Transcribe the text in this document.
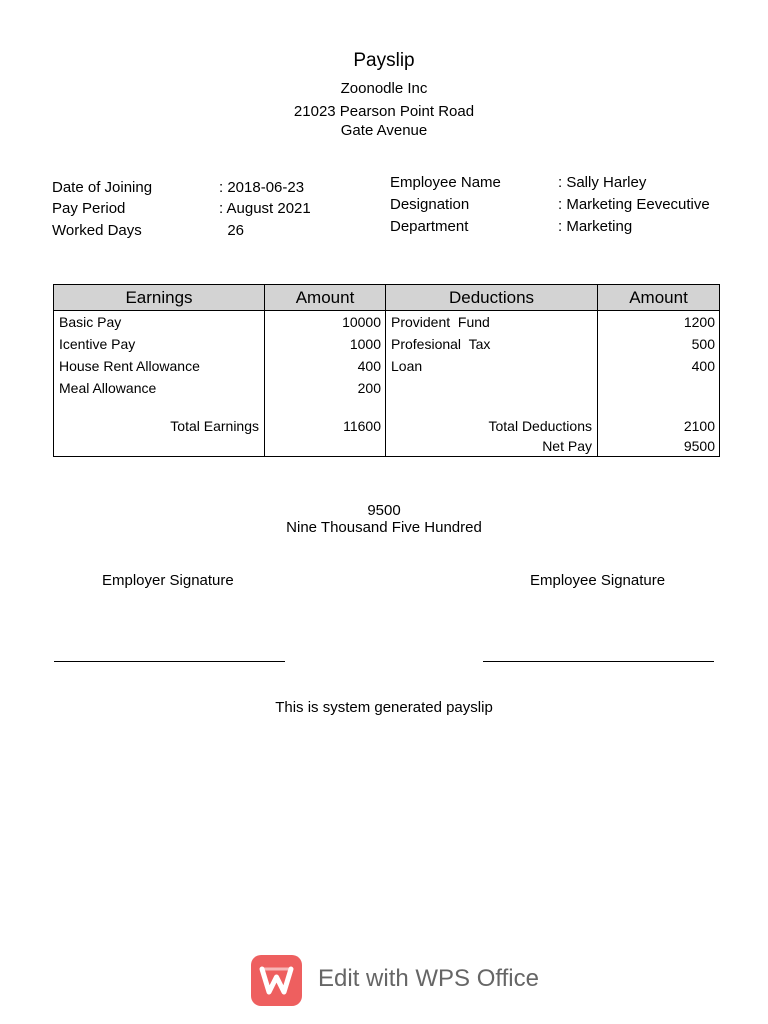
Payslip
Zoonodle Inc
21023 Pearson Point Road
Gate Avenue
Date of Joining	: 2018-06-23
Pay Period	: August 2021
Worked Days	26
Employee Name	: Sally Harley
Designation	: Marketing Eevecutive
Department	: Marketing
Earnings	Amount	Deductions	Amount
Basic Pay	10000	Provident  Fund	1200
Icentive Pay	1000	Profesional  Tax	500
House Rent Allowance	400	Loan	400
Meal Allowance	200		

Total Earnings	11600	Total Deductions	2100
		Net Pay	9500
9500
Nine Thousand Five Hundred
Employer Signature	Employee Signature
This is system generated payslip
Edit with WPS Office
